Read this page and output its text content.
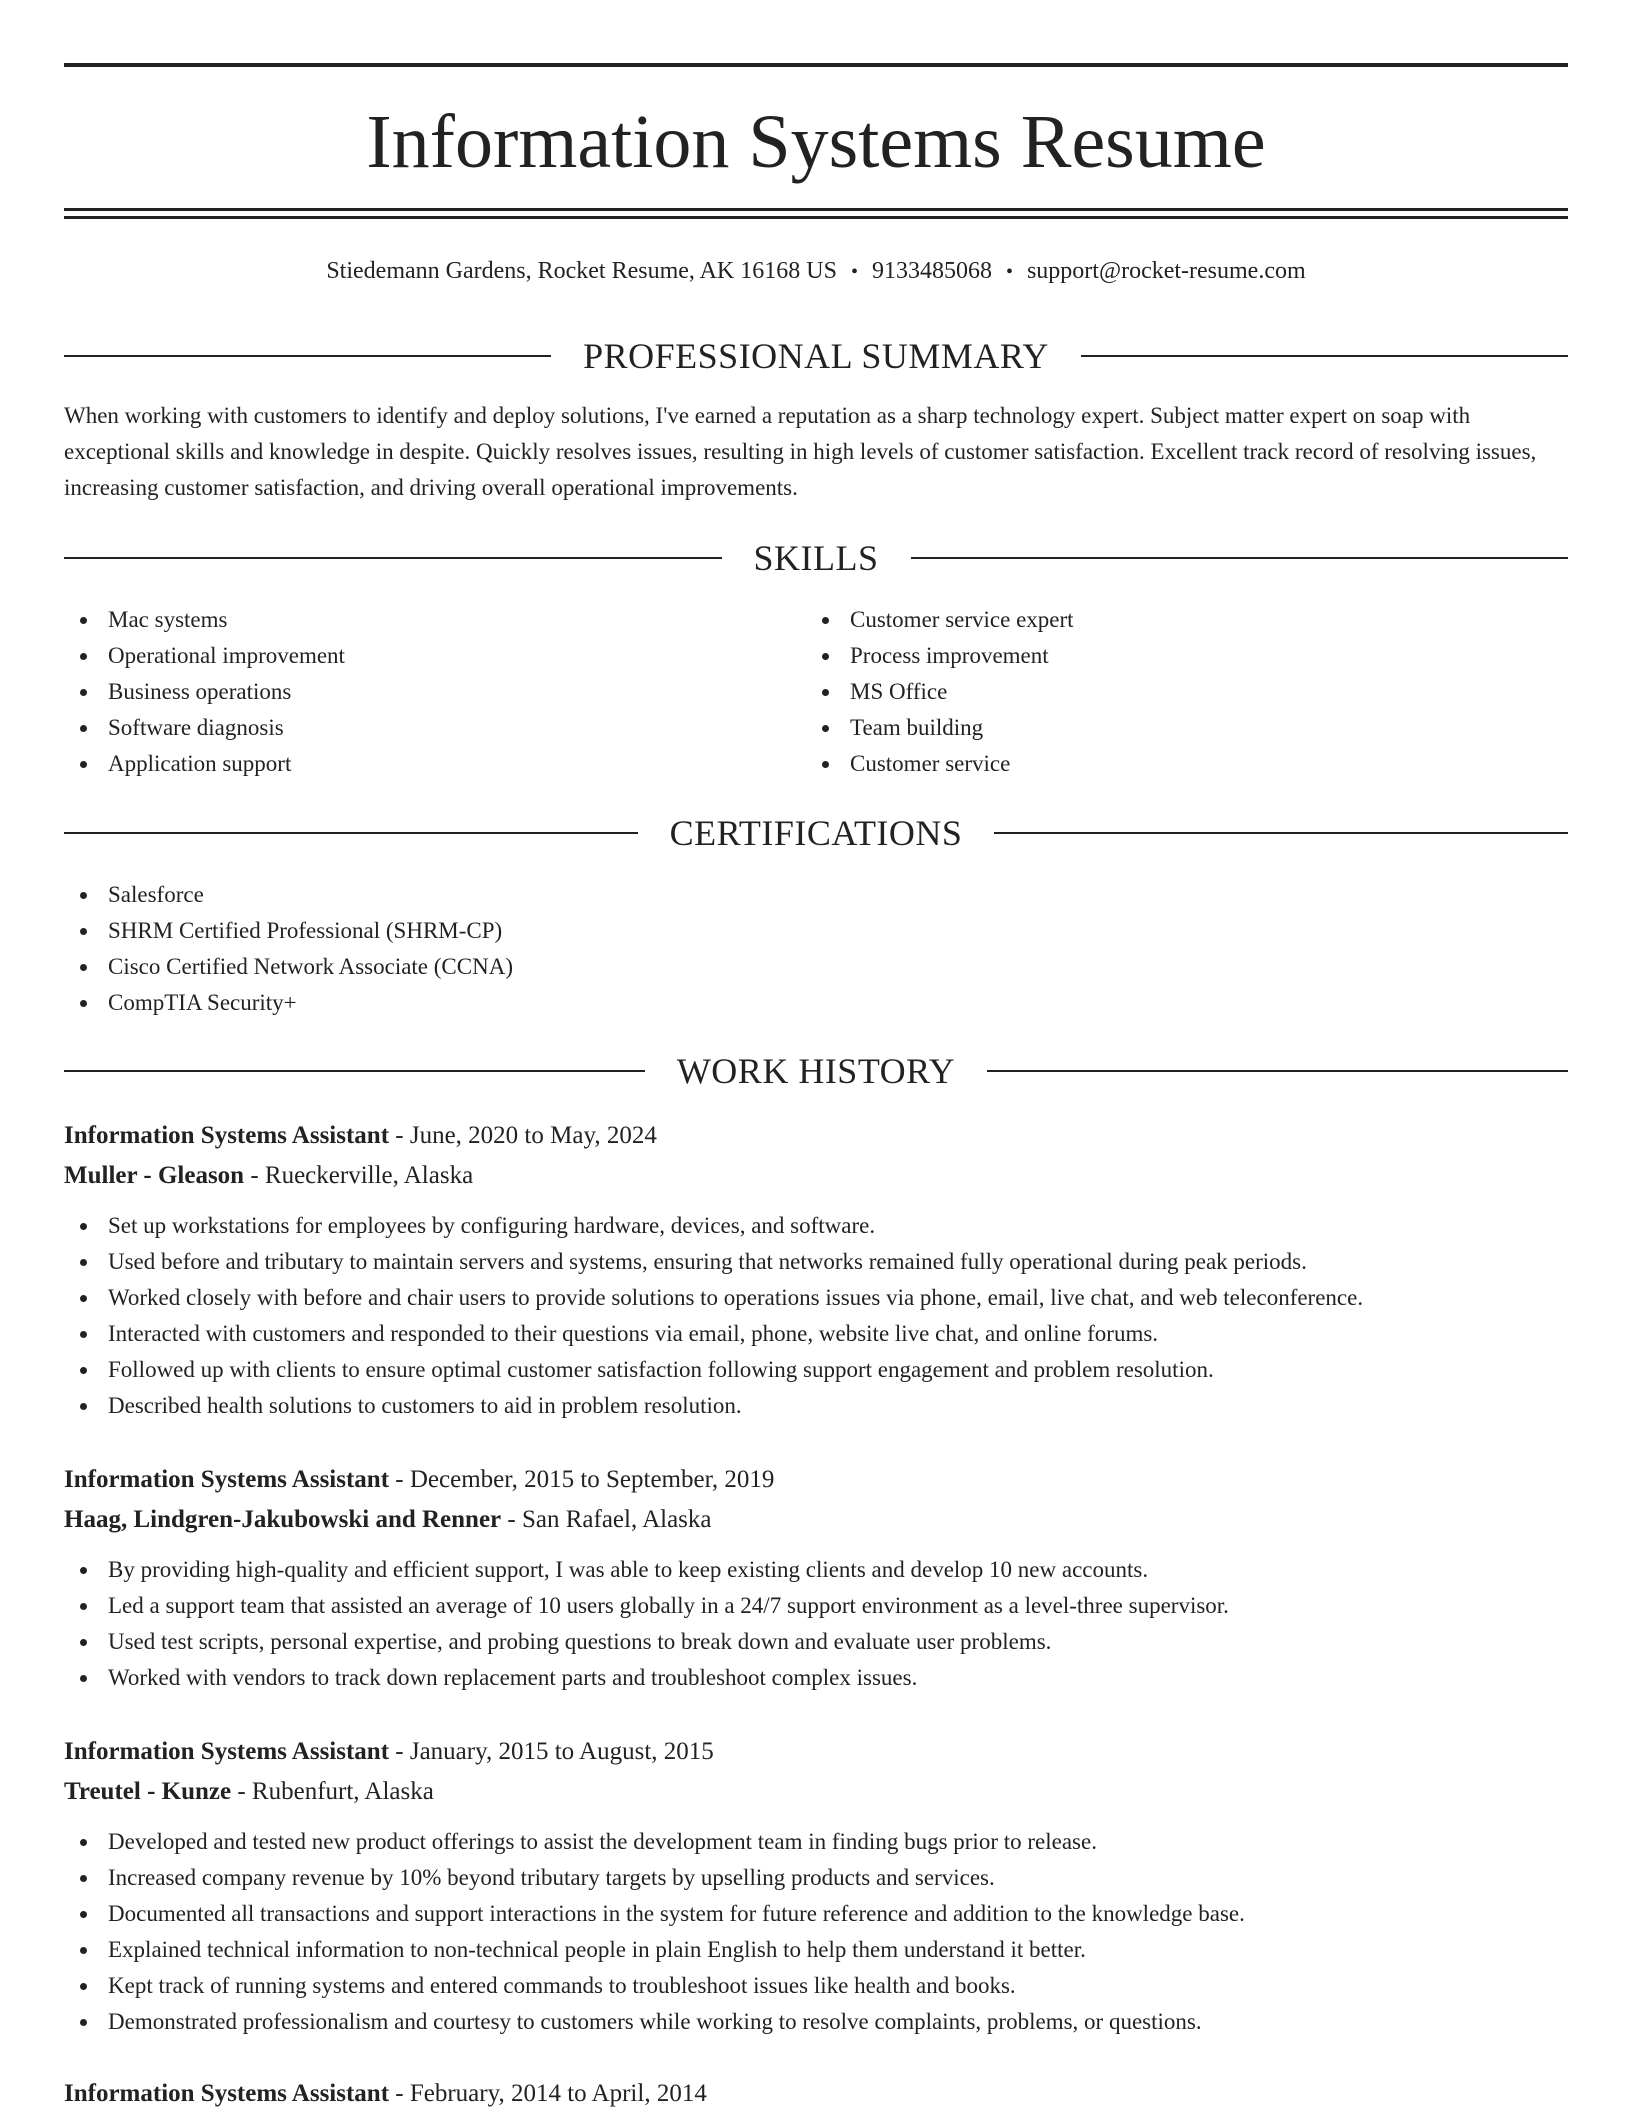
Information Systems Resume
Stiedemann Gardens, Rocket Resume, AK 16168 US • 9133485068 • support@rocket-resume.com
PROFESSIONAL SUMMARY

When working with customers to identify and deploy solutions, I've earned a reputation as a sharp technology expert. Subject matter expert on soap with exceptional skills and knowledge in despite. Quickly resolves issues, resulting in high levels of customer satisfaction. Excellent track record of resolving issues, increasing customer satisfaction, and driving overall operational improvements.

SKILLS
Mac systems
Operational improvement
Business operations
Software diagnosis
Application support
Customer service expert
Process improvement
MS Office
Team building
Customer service
CERTIFICATIONS
Salesforce
SHRM Certified Professional (SHRM-CP)
Cisco Certified Network Associate (CCNA)
CompTIA Security+
WORK HISTORY
Information Systems Assistant - June, 2020 to May, 2024
Muller - Gleason - Rueckerville, Alaska
Set up workstations for employees by configuring hardware, devices, and software.
Used before and tributary to maintain servers and systems, ensuring that networks remained fully operational during peak periods.
Worked closely with before and chair users to provide solutions to operations issues via phone, email, live chat, and web teleconference.
Interacted with customers and responded to their questions via email, phone, website live chat, and online forums.
Followed up with clients to ensure optimal customer satisfaction following support engagement and problem resolution.
Described health solutions to customers to aid in problem resolution.
Information Systems Assistant - December, 2015 to September, 2019
Haag, Lindgren-Jakubowski and Renner - San Rafael, Alaska
By providing high-quality and efficient support, I was able to keep existing clients and develop 10 new accounts.
Led a support team that assisted an average of 10 users globally in a 24/7 support environment as a level-three supervisor.
Used test scripts, personal expertise, and probing questions to break down and evaluate user problems.
Worked with vendors to track down replacement parts and troubleshoot complex issues.
Information Systems Assistant - January, 2015 to August, 2015
Treutel - Kunze - Rubenfurt, Alaska
Developed and tested new product offerings to assist the development team in finding bugs prior to release.
Increased company revenue by 10% beyond tributary targets by upselling products and services.
Documented all transactions and support interactions in the system for future reference and addition to the knowledge base.
Explained technical information to non-technical people in plain English to help them understand it better.
Kept track of running systems and entered commands to troubleshoot issues like health and books.
Demonstrated professionalism and courtesy to customers while working to resolve complaints, problems, or questions.
Information Systems Assistant - February, 2014 to April, 2014
